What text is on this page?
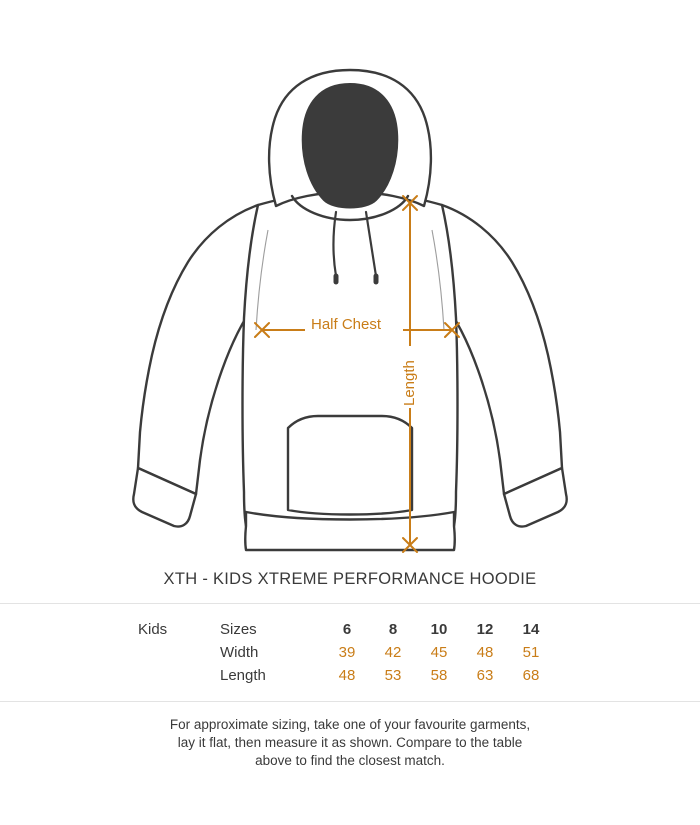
Half Chest
Length
XTH - KIDS XTREME PERFORMANCE HOODIE
Kids	Sizes	6	8	10	12	14
	Width	39	42	45	48	51
	Length	48	53	58	63	68
For approximate sizing, take one of your favourite garments,
lay it flat, then measure it as shown. Compare to the table
above to find the closest match.
